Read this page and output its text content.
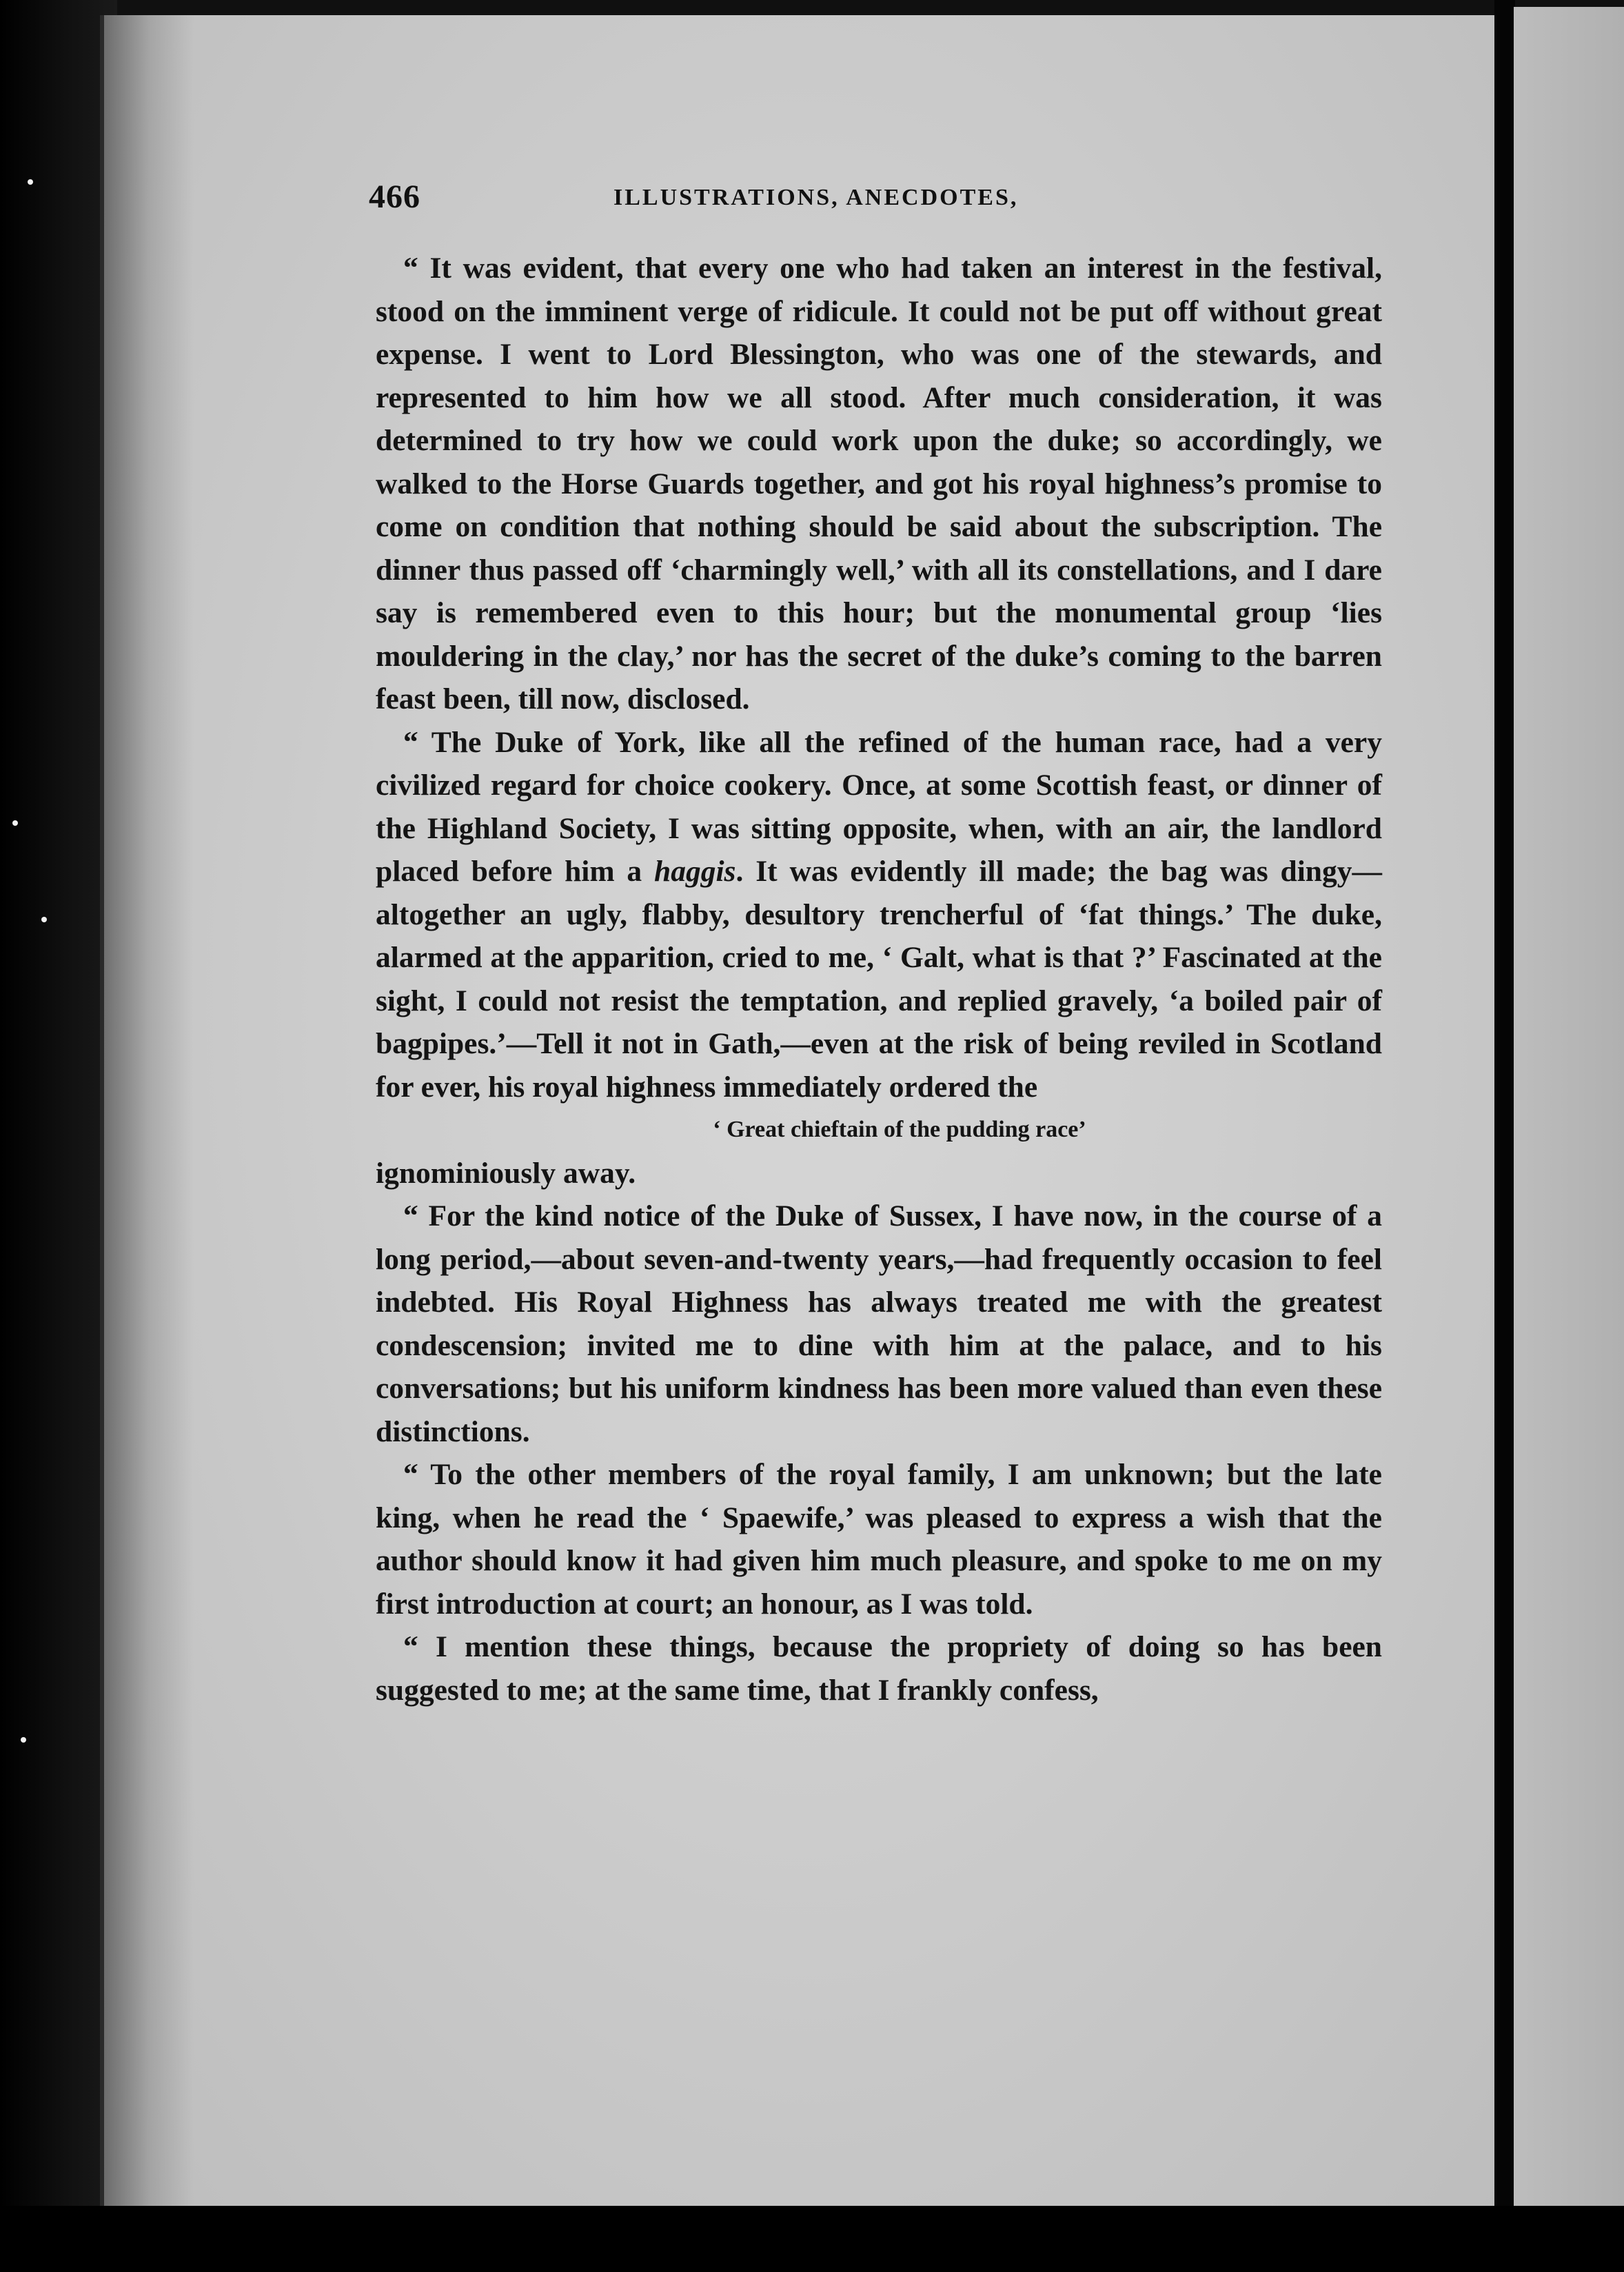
466	ILLUSTRATIONS, ANECDOTES,

“ It was evident, that every one who had taken an interest in the festival, stood on the imminent verge of ridicule. It could not be put off without great expense. I went to Lord Blessington, who was one of the stewards, and represented to him how we all stood. After much consideration, it was determined to try how we could work upon the duke; so accordingly, we walked to the Horse Guards together, and got his royal highness’s promise to come on condition that nothing should be said about the subscription. The dinner thus passed off ‘charmingly well,’ with all its constellations, and I dare say is remembered even to this hour; but the monumental group ‘lies mouldering in the clay,’ nor has the secret of the duke’s coming to the barren feast been, till now, disclosed.

“ The Duke of York, like all the refined of the human race, had a very civilized regard for choice cookery. Once, at some Scottish feast, or dinner of the Highland Society, I was sitting opposite, when, with an air, the landlord placed before him a haggis. It was evidently ill made; the bag was dingy—altogether an ugly, flabby, desultory trencherful of ‘fat things.’ The duke, alarmed at the apparition, cried to me, ‘ Galt, what is that ?’ Fascinated at the sight, I could not resist the temptation, and replied gravely, ‘a boiled pair of bagpipes.’—Tell it not in Gath,—even at the risk of being reviled in Scotland for ever, his royal highness immediately ordered the

‘ Great chieftain of the pudding race’

ignominiously away.

“ For the kind notice of the Duke of Sussex, I have now, in the course of a long period,—about seven-and-twenty years,—had frequently occasion to feel indebted. His Royal Highness has always treated me with the greatest condescension; invited me to dine with him at the palace, and to his conversations; but his uniform kindness has been more valued than even these distinctions.

“ To the other members of the royal family, I am unknown; but the late king, when he read the ‘ Spaewife,’ was pleased to express a wish that the author should know it had given him much pleasure, and spoke to me on my first introduction at court; an honour, as I was told.

“ I mention these things, because the propriety of doing so has been suggested to me; at the same time, that I frankly confess,
